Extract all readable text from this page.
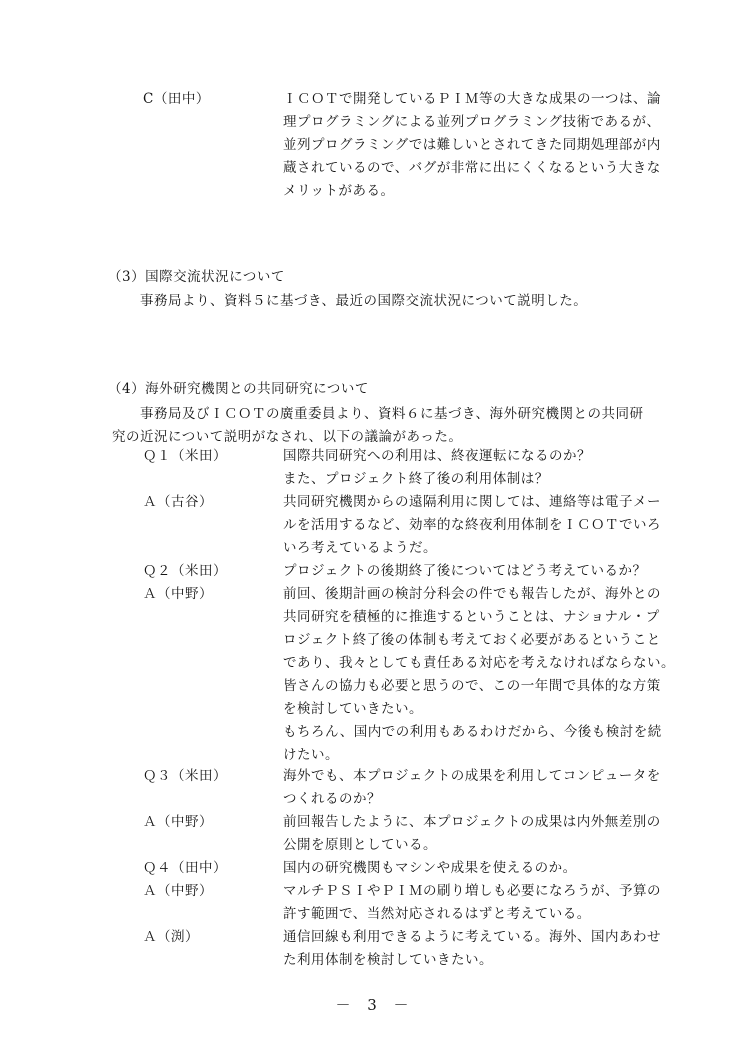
C（田中）	ＩＣＯＴで開発しているＰＩＭ等の大きな成果の一つは、論
理プログラミングによる並列プログラミング技術であるが、
並列プログラミングでは難しいとされてきた同期処理部が内
蔵されているので、バグが非常に出にくくなるという大きな
メリットがある。
（3）国際交流状況について
事務局より、資料５に基づき、最近の国際交流状況について説明した。
（4）海外研究機関との共同研究について
事務局及びＩＣＯＴの廣重委員より、資料６に基づき、海外研究機関との共同研
究の近況について説明がなされ、以下の議論があった。
Ｑ１（米田）	国際共同研究への利用は、終夜運転になるのか？
また、プロジェクト終了後の利用体制は？
Ａ（古谷）	共同研究機関からの遠隔利用に関しては、連絡等は電子メー
ルを活用するなど、効率的な終夜利用体制をＩＣＯＴでいろ
いろ考えているようだ。
Ｑ２（米田）	プロジェクトの後期終了後についてはどう考えているか？
Ａ（中野）	前回、後期計画の検討分科会の件でも報告したが、海外との
共同研究を積極的に推進するということは、ナショナル・プ
ロジェクト終了後の体制も考えておく必要があるということ
であり、我々としても責任ある対応を考えなければならない。
皆さんの協力も必要と思うので、この一年間で具体的な方策
を検討していきたい。
もちろん、国内での利用もあるわけだから、今後も検討を続
けたい。
Ｑ３（米田）	海外でも、本プロジェクトの成果を利用してコンピュータを
つくれるのか？
Ａ（中野）	前回報告したように、本プロジェクトの成果は内外無差別の
公開を原則としている。
Ｑ４（田中）	国内の研究機関もマシンや成果を使えるのか。
Ａ（中野）	マルチＰＳＩやＰＩＭの刷り増しも必要になろうが、予算の
許す範囲で、当然対応されるはずと考えている。
Ａ（渕）	通信回線も利用できるように考えている。海外、国内あわせ
た利用体制を検討していきたい。
－ 3 －
